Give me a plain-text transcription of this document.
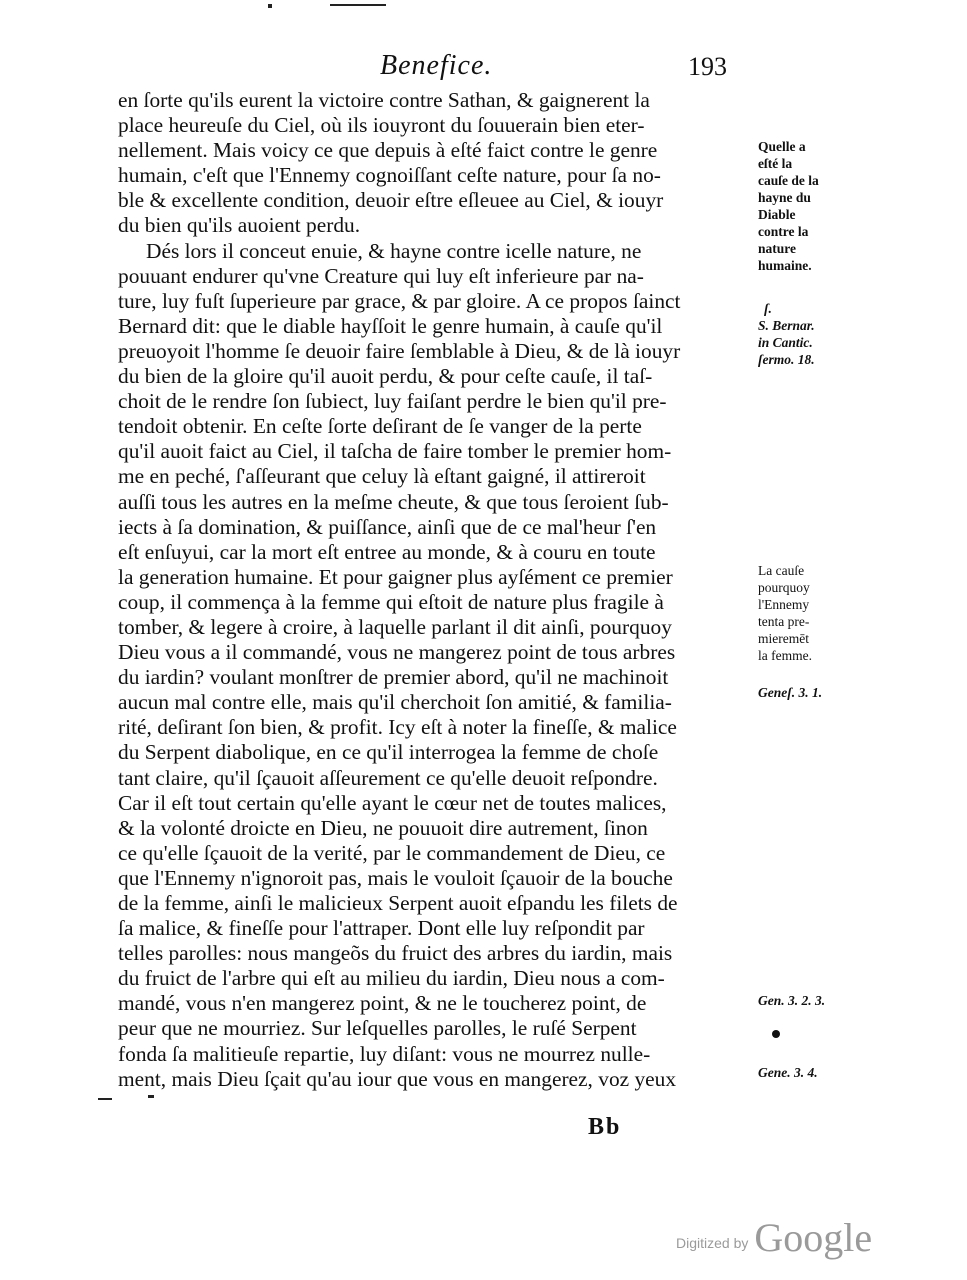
Benefice.	193
en ſorte qu'ils eurent la victoire contre Sathan, & gaignerent la
place heureuſe du Ciel, où ils iouyront du ſouuerain bien eter-
nellement. Mais voicy ce que depuis à eſté faict contre le genre
humain, c'eſt que l'Ennemy cognoiſſant ceſte nature, pour ſa no-
ble & excellente condition, deuoir eſtre eſleuee au Ciel, & iouyr
du bien qu'ils auoient perdu.
Dés lors il conceut enuie, & hayne contre icelle nature, ne
pouuant endurer qu'vne Creature qui luy eſt inferieure par na-
ture, luy fuſt ſuperieure par grace, & par gloire. A ce propos ſainct
Bernard dit: que le diable hayſſoit le genre humain, à cauſe qu'il
preuoyoit l'homme ſe deuoir faire ſemblable à Dieu, & de là iouyr
du bien de la gloire qu'il auoit perdu, & pour ceſte cauſe, il taſ-
choit de le rendre ſon ſubiect, luy faiſant perdre le bien qu'il pre-
tendoit obtenir. En ceſte ſorte deſirant de ſe vanger de la perte
qu'il auoit faict au Ciel, il taſcha de faire tomber le premier hom-
me en peché, ſ'aſſeurant que celuy là eſtant gaigné, il attireroit
auſſi tous les autres en la meſme cheute, & que tous ſeroient ſub-
iects à ſa domination, & puiſſance, ainſi que de ce mal'heur ſ'en
eſt enſuyui, car la mort eſt entree au monde, & à couru en toute
la generation humaine. Et pour gaigner plus ayſément ce premier
coup, il commença à la femme qui eſtoit de nature plus fragile à
tomber, & legere à croire, à laquelle parlant il dit ainſi, pourquoy
Dieu vous a il commandé, vous ne mangerez point de tous arbres
du iardin? voulant monſtrer de premier abord, qu'il ne machinoit
aucun mal contre elle, mais qu'il cherchoit ſon amitié, & familia-
rité, deſirant ſon bien, & profit. Icy eſt à noter la fineſſe, & malice
du Serpent diabolique, en ce qu'il interrogea la femme de choſe
tant claire, qu'il ſçauoit aſſeurement ce qu'elle deuoit reſpondre.
Car il eſt tout certain qu'elle ayant le cœur net de toutes malices,
& la volonté droicte en Dieu, ne pouuoit dire autrement, ſinon
ce qu'elle ſçauoit de la verité, par le commandement de Dieu, ce
que l'Ennemy n'ignoroit pas, mais le vouloit ſçauoir de la bouche
de la femme, ainſi le malicieux Serpent auoit eſpandu les filets de
ſa malice, & fineſſe pour l'attraper. Dont elle luy reſpondit par
telles parolles: nous mangeõs du fruict des arbres du iardin, mais
du fruict de l'arbre qui eſt au milieu du iardin, Dieu nous a com-
mandé, vous n'en mangerez point, & ne le toucherez point, de
peur que ne mourriez. Sur leſquelles parolles, le ruſé Serpent
fonda ſa malitieuſe repartie, luy diſant: vous ne mourrez nulle-
ment, mais Dieu ſçait qu'au iour que vous en mangerez, voz yeux
Quelle a
eſté la
cauſe de la
hayne du
Diable
contre la
nature
humaine.
ſ.
S. Bernar.
in Cantic.
ſermo. 18.
La cauſe
pourquoy
l'Ennemy
tenta pre-
mieremēt
la femme.
Geneſ. 3. 1.
Gen. 3. 2. 3.
Gene. 3. 4.
Bb
Digitized by Google
